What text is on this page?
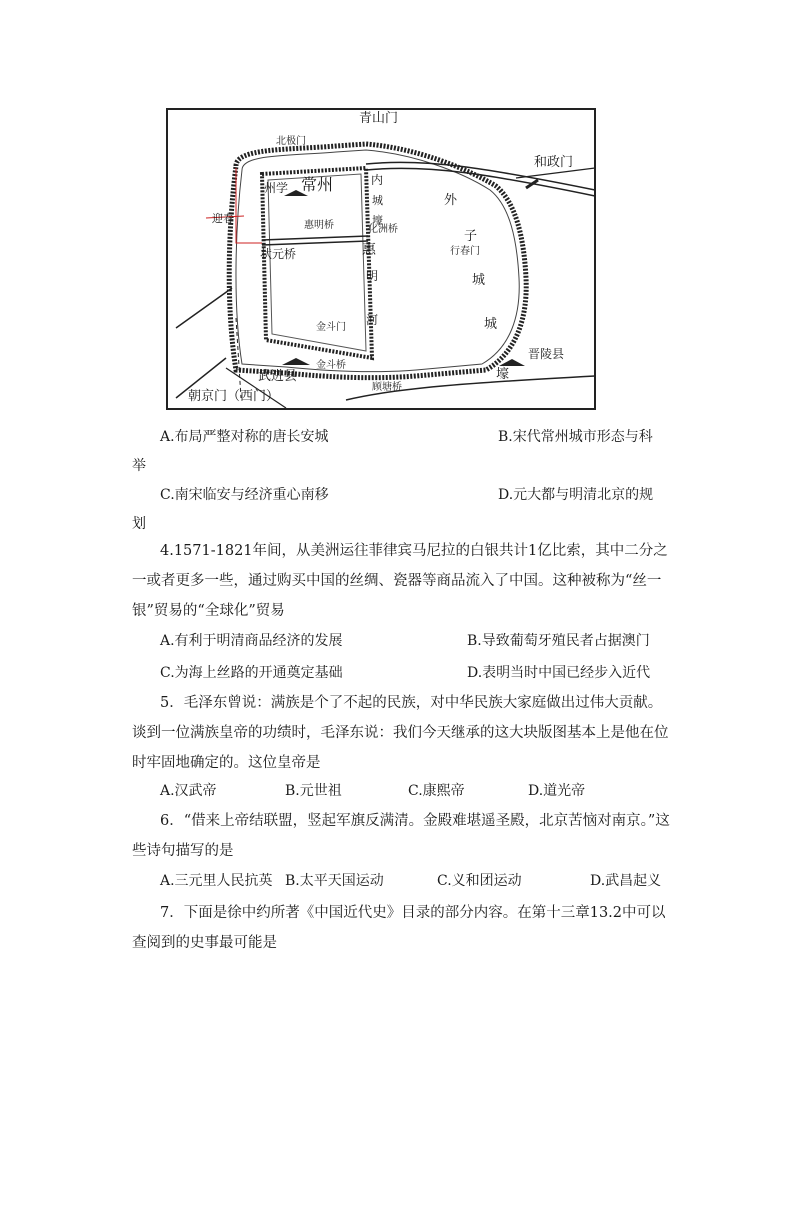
青山门
北极门
和政门
常州
州学
迎春
内
城
壕
惠明桥	化洲桥
状元桥	惠
明
河
外
子
行春门
城
城
壕
金斗门
金斗桥
武进县
晋陵县
顾塘桥
朝京门（西门）
A.布局严整对称的唐长安城	B.宋代常州城市形态与科
举
C.南宋临安与经济重心南移	D.元大都与明清北京的规
划
4.1571-1821年间，从美洲运往菲律宾马尼拉的白银共计1亿比索，其中二分之一或者更多一些，通过购买中国的丝绸、瓷器等商品流入了中国。这种被称为“丝一银”贸易的“全球化”贸易
A.有利于明清商品经济的发展	B.导致葡萄牙殖民者占据澳门
C.为海上丝路的开通奠定基础	D.表明当时中国已经步入近代
5．毛泽东曾说：满族是个了不起的民族，对中华民族大家庭做出过伟大贡献。谈到一位满族皇帝的功绩时，毛泽东说：我们今天继承的这大块版图基本上是他在位时牢固地确定的。这位皇帝是
A.汉武帝	B.元世祖	C.康熙帝	D.道光帝
6．“借来上帝结联盟，竖起军旗反满清。金殿难堪遥圣殿，北京苦恼对南京。”这些诗句描写的是
A.三元里人民抗英 B.太平天国运动	C.义和团运动	D.武昌起义
7．下面是徐中约所著《中国近代史》目录的部分内容。在第十三章13.2中可以查阅到的史事最可能是
